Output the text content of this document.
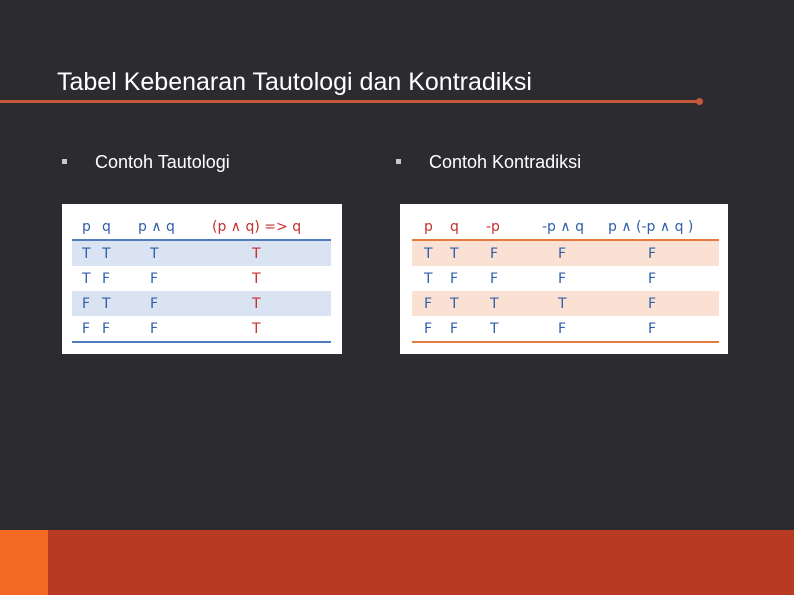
Tabel Kebenaran Tautologi dan Kontradiksi
Contoh Tautologi	Contoh Kontradiksi
p	q	p ∧ q	(p ∧ q) => q
T	T	T	T
T	F	F	T
F	T	F	T
F	F	F	T
p	q	-p	-p ∧ q	p ∧ (-p ∧ q )
T	T	F	F	F
T	F	F	F	F
F	T	T	T	F
F	F	T	F	F
